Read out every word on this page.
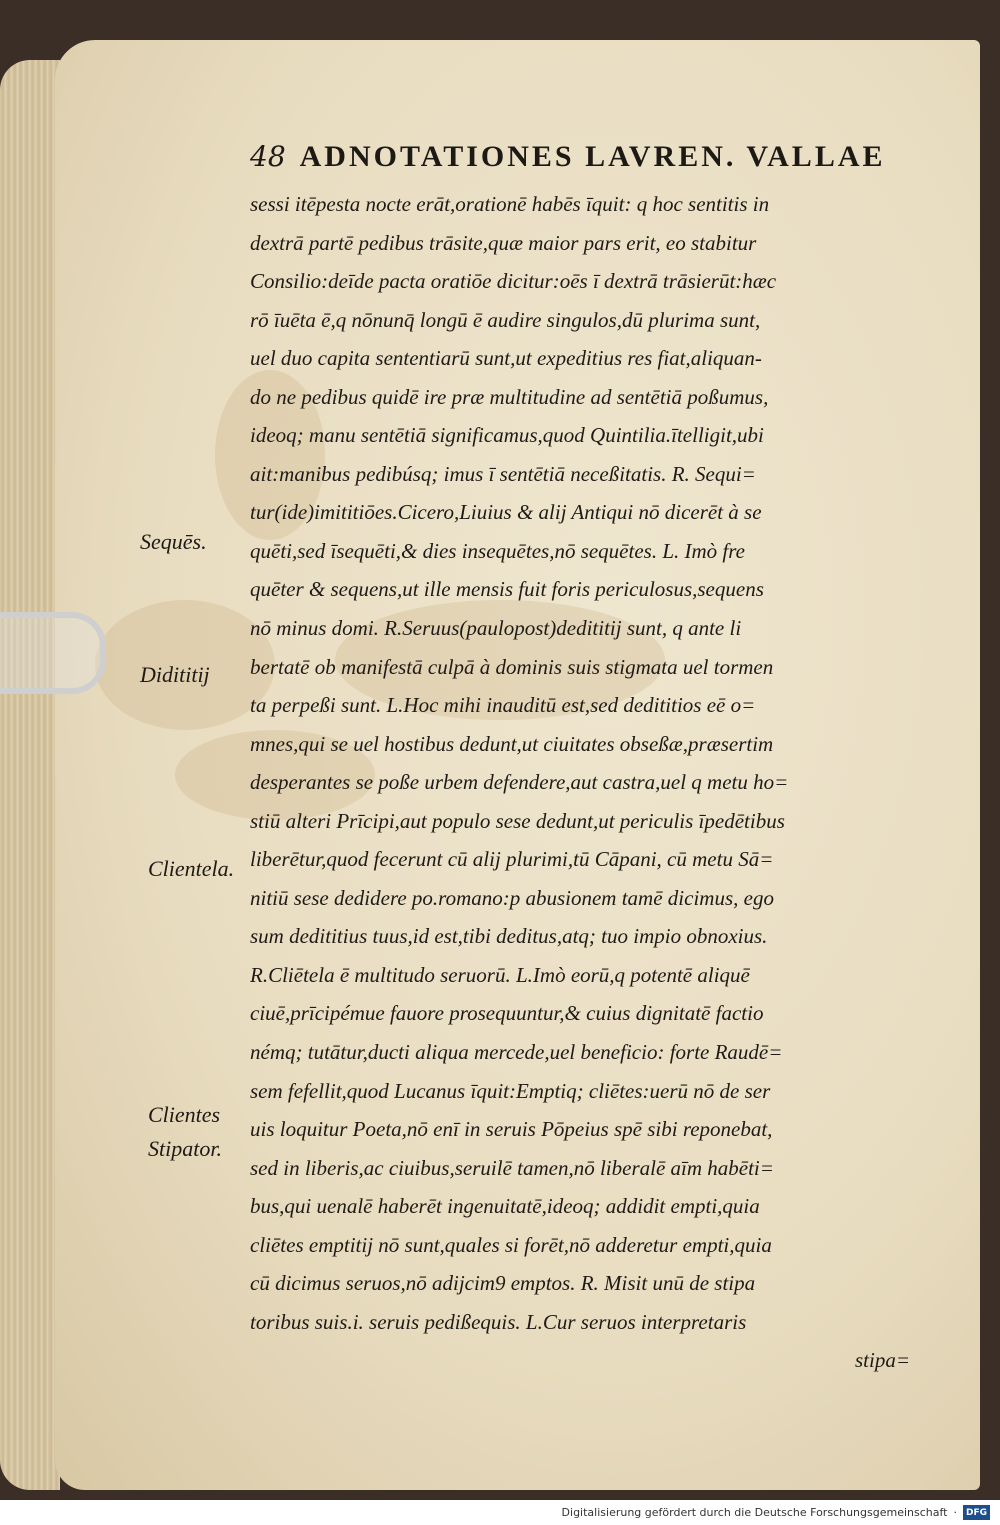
48 ADNOTATIONES LAVREN. VALLAE
sessi itēpesta nocte erāt,orationē habēs īquit: q hoc sentitis in
dextrā partē pedibus trāsite,quæ maior pars erit, eo stabitur
Consilio:deīde pacta oratiōe dicitur:oēs ī dextrā trāsierūt:hæc
rō īuēta ē,q nōnunq̄ longū ē audire singulos,dū plurima sunt,
uel duo capita sententiarū sunt,ut expeditius res fiat,aliquan-
do ne pedibus quidē ire præ multitudine ad sentētiā poßumus,
ideoq; manu sentētiā significamus,quod Quintilia.ītelligit,ubi
ait:manibus pedibúsq; imus ī sentētiā neceßitatis. R. Sequi=
tur(ide)imititiōes.Cicero,Liuius & alij Antiqui nō dicerēt à se
quēti,sed īsequēti,& dies insequētes,nō sequētes. L. Imò fre
quēter & sequens,ut ille mensis fuit foris periculosus,sequens
nō minus domi. R.Seruus(paulopost)dedititij sunt, q ante li
bertatē ob manifestā culpā à dominis suis stigmata uel tormen
ta perpeßi sunt. L.Hoc mihi inauditū est,sed dedititios eē o=
mnes,qui se uel hostibus dedunt,ut ciuitates obseßæ,præsertim
desperantes se poße urbem defendere,aut castra,uel q metu ho=
stiū alteri Prīcipi,aut populo sese dedunt,ut periculis īpedētibus
liberētur,quod fecerunt cū alij plurimi,tū Cāpani, cū metu Sā=
nitiū sese dedidere po.romano:p abusionem tamē dicimus, ego
sum dedititius tuus,id est,tibi deditus,atq; tuo impio obnoxius.
R.Cliētela ē multitudo seruorū. L.Imò eorū,q potentē aliquē
ciuē,prīcipémue fauore prosequuntur,& cuius dignitatē factio
némq; tutātur,ducti aliqua mercede,uel beneficio: forte Raudē=
sem fefellit,quod Lucanus īquit:Emptiq; cliētes:uerū nō de ser
uis loquitur Poeta,nō enī in seruis Pōpeius spē sibi reponebat,
sed in liberis,ac ciuibus,seruilē tamen,nō liberalē aīm habēti=
bus,qui uenalē haberēt ingenuitatē,ideoq; addidit empti,quia
cliētes emptitij nō sunt,quales si forēt,nō adderetur empti,quia
cū dicimus seruos,nō adijcim9 emptos. R. Misit unū de stipa
toribus suis.i. seruis pedißequis. L.Cur seruos interpretaris
stipa=
Sequēs.
Didititij
Clientela.
Clientes
Stipator.
Digitalisierung gefördert durch die Deutsche Forschungsgemeinschaft ·	DFG
